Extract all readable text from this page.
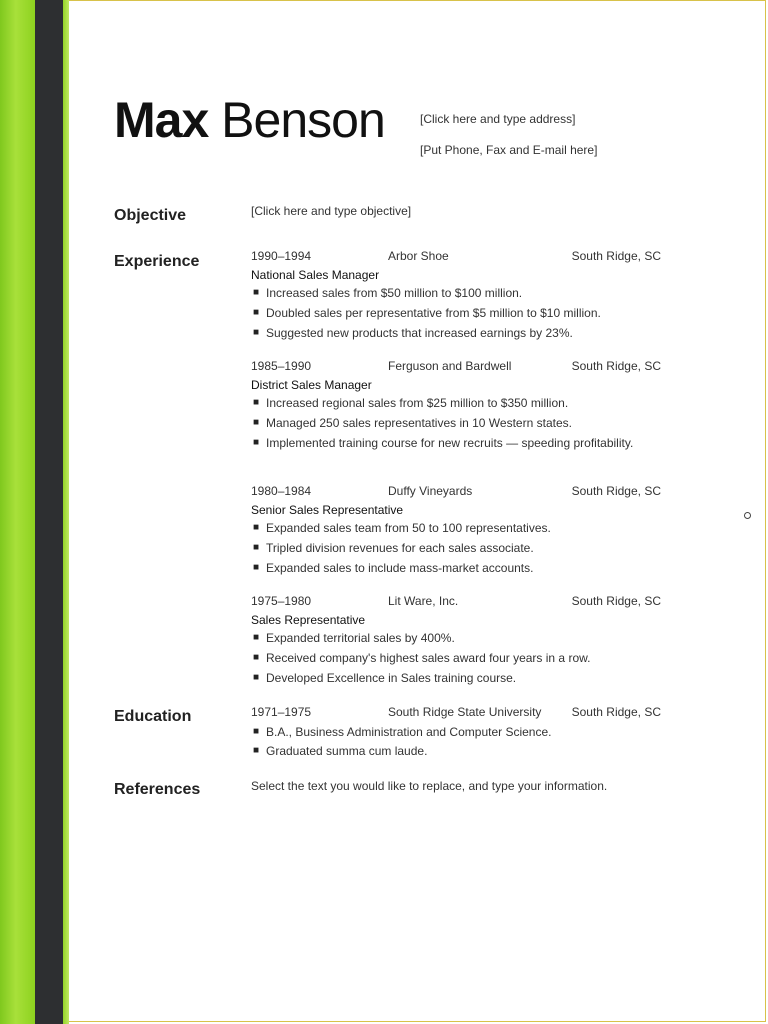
Max Benson	[Click here and type address]
[Put Phone, Fax and E-mail here]
Objective	[Click here and type objective]
Experience	1990–1994	Arbor Shoe	South Ridge, SC
National Sales Manager
■ Increased sales from $50 million to $100 million.
■ Doubled sales per representative from $5 million to $10 million.
■ Suggested new products that increased earnings by 23%.
1985–1990	Ferguson and Bardwell	South Ridge, SC
District Sales Manager
■ Increased regional sales from $25 million to $350 million.
■ Managed 250 sales representatives in 10 Western states.
■ Implemented training course for new recruits — speeding profitability.
1980–1984	Duffy Vineyards	South Ridge, SC
Senior Sales Representative
■ Expanded sales team from 50 to 100 representatives.
■ Tripled division revenues for each sales associate.
■ Expanded sales to include mass-market accounts.
1975–1980	Lit Ware, Inc.	South Ridge, SC
Sales Representative
■ Expanded territorial sales by 400%.
■ Received company's highest sales award four years in a row.
■ Developed Excellence in Sales training course.
Education	1971–1975	South Ridge State University	South Ridge, SC
■ B.A., Business Administration and Computer Science.
■ Graduated summa cum laude.
References	Select the text you would like to replace, and type your information.
